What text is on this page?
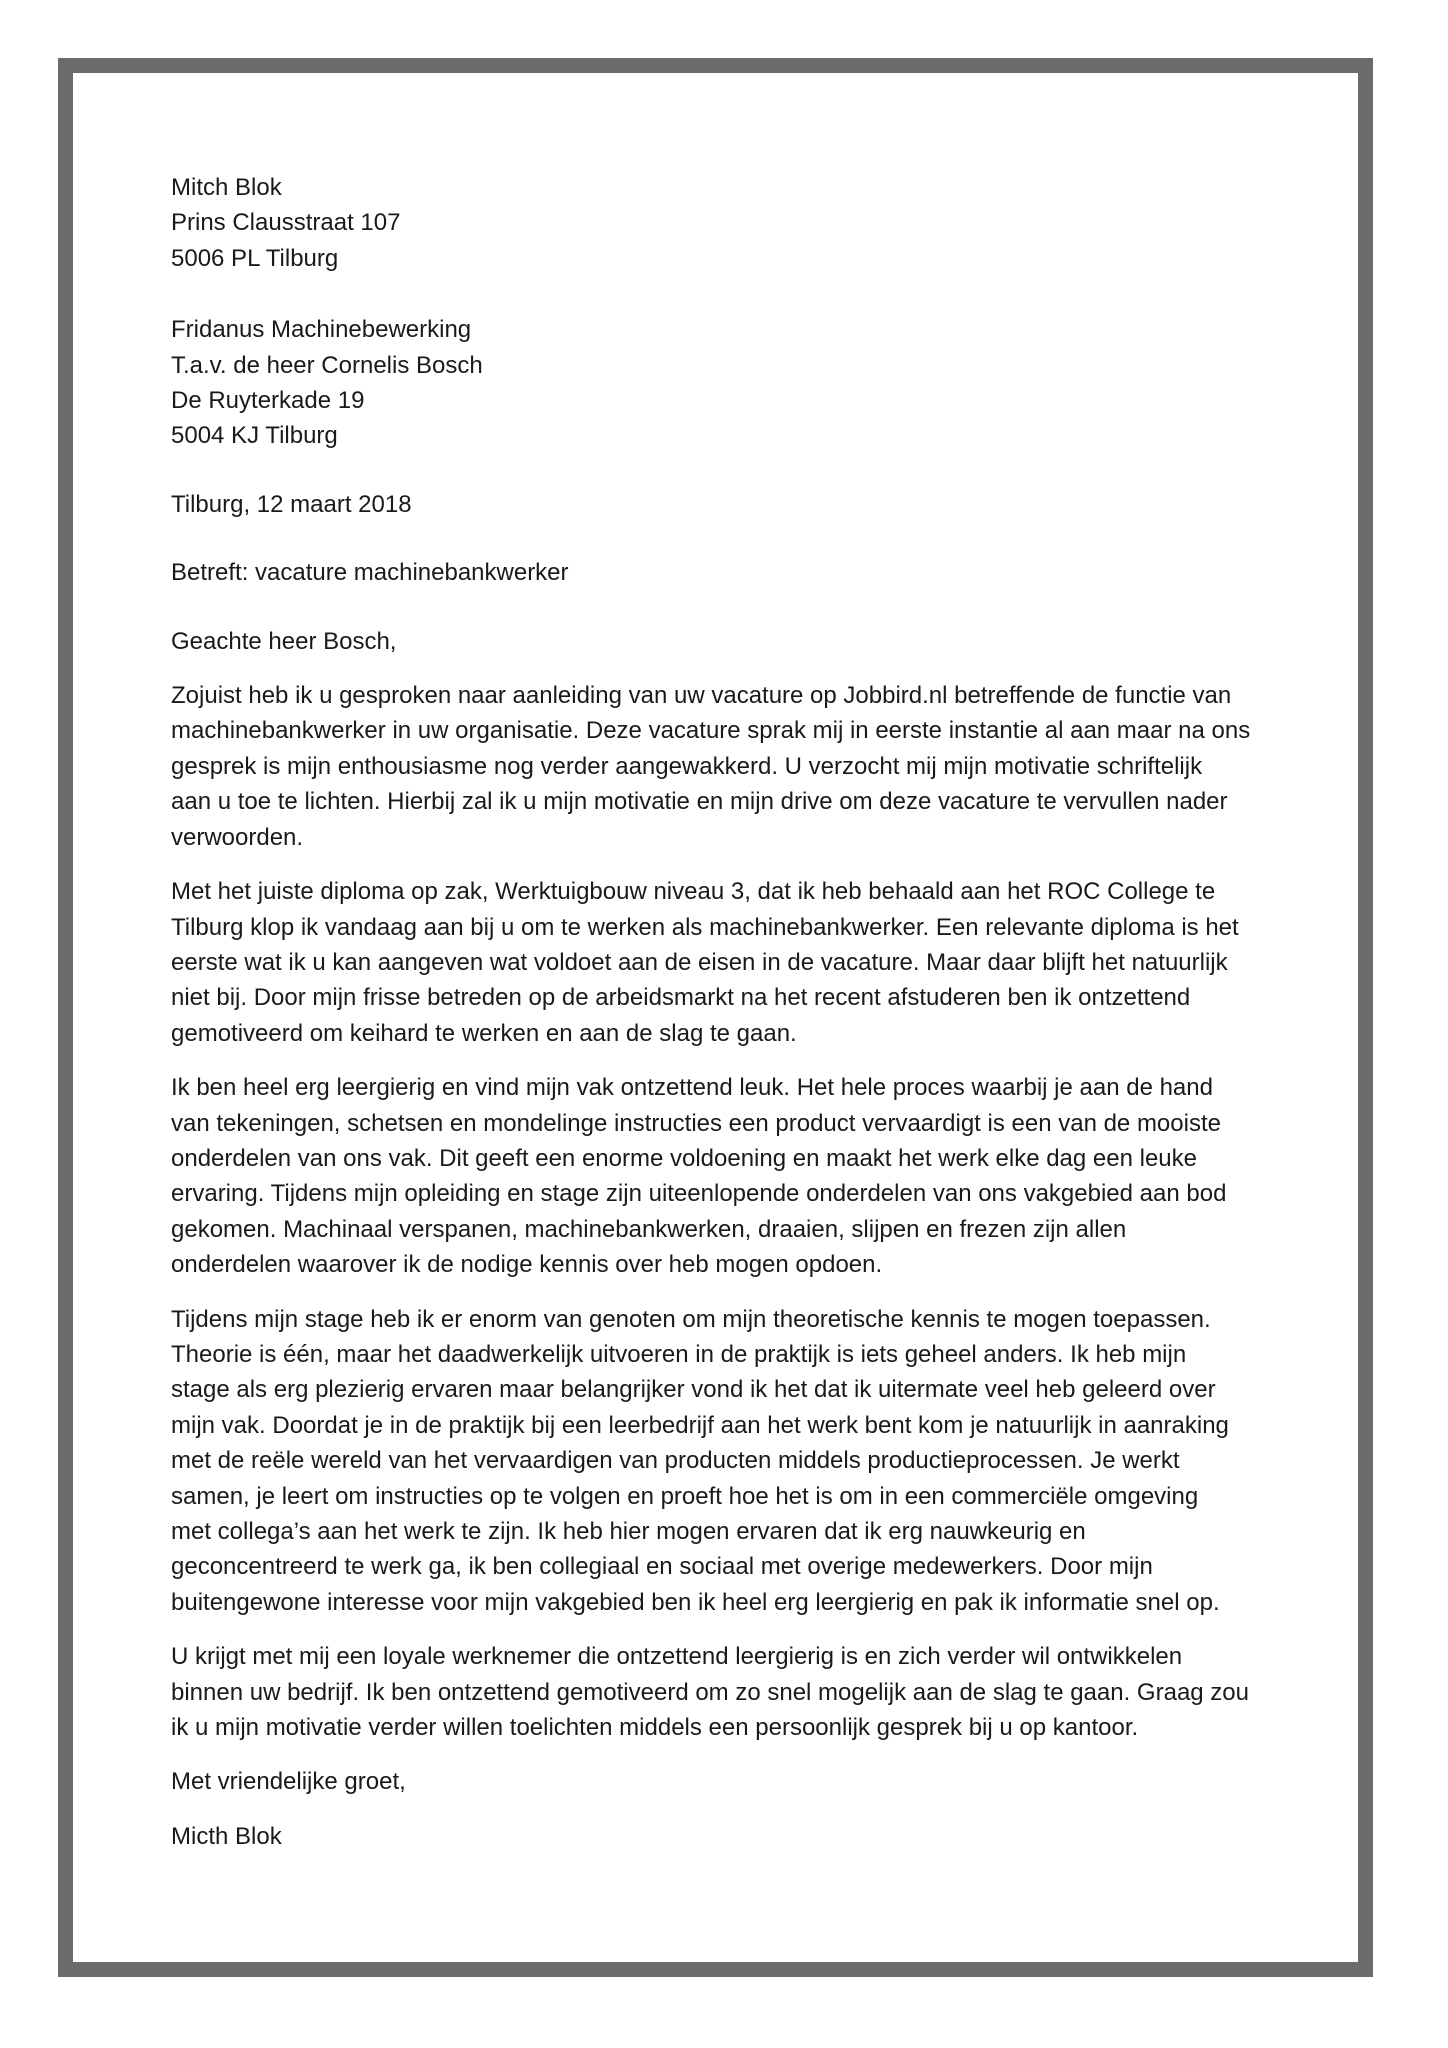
Mitch Blok
Prins Clausstraat 107
5006 PL Tilburg
Fridanus Machinebewerking
T.a.v. de heer Cornelis Bosch
De Ruyterkade 19
5004 KJ Tilburg
Tilburg, 12 maart 2018
Betreft: vacature machinebankwerker
Geachte heer Bosch,
Zojuist heb ik u gesproken naar aanleiding van uw vacature op Jobbird.nl betreffende de functie van
machinebankwerker in uw organisatie. Deze vacature sprak mij in eerste instantie al aan maar na ons
gesprek is mijn enthousiasme nog verder aangewakkerd. U verzocht mij mijn motivatie schriftelijk
aan u toe te lichten. Hierbij zal ik u mijn motivatie en mijn drive om deze vacature te vervullen nader
verwoorden.
Met het juiste diploma op zak, Werktuigbouw niveau 3, dat ik heb behaald aan het ROC College te
Tilburg klop ik vandaag aan bij u om te werken als machinebankwerker. Een relevante diploma is het
eerste wat ik u kan aangeven wat voldoet aan de eisen in de vacature. Maar daar blijft het natuurlijk
niet bij. Door mijn frisse betreden op de arbeidsmarkt na het recent afstuderen ben ik ontzettend
gemotiveerd om keihard te werken en aan de slag te gaan.
Ik ben heel erg leergierig en vind mijn vak ontzettend leuk. Het hele proces waarbij je aan de hand
van tekeningen, schetsen en mondelinge instructies een product vervaardigt is een van de mooiste
onderdelen van ons vak. Dit geeft een enorme voldoening en maakt het werk elke dag een leuke
ervaring. Tijdens mijn opleiding en stage zijn uiteenlopende onderdelen van ons vakgebied aan bod
gekomen. Machinaal verspanen, machinebankwerken, draaien, slijpen en frezen zijn allen
onderdelen waarover ik de nodige kennis over heb mogen opdoen.
Tijdens mijn stage heb ik er enorm van genoten om mijn theoretische kennis te mogen toepassen.
Theorie is één, maar het daadwerkelijk uitvoeren in de praktijk is iets geheel anders. Ik heb mijn
stage als erg plezierig ervaren maar belangrijker vond ik het dat ik uitermate veel heb geleerd over
mijn vak. Doordat je in de praktijk bij een leerbedrijf aan het werk bent kom je natuurlijk in aanraking
met de reële wereld van het vervaardigen van producten middels productieprocessen. Je werkt
samen, je leert om instructies op te volgen en proeft hoe het is om in een commerciële omgeving
met collega’s aan het werk te zijn. Ik heb hier mogen ervaren dat ik erg nauwkeurig en
geconcentreerd te werk ga, ik ben collegiaal en sociaal met overige medewerkers. Door mijn
buitengewone interesse voor mijn vakgebied ben ik heel erg leergierig en pak ik informatie snel op.
U krijgt met mij een loyale werknemer die ontzettend leergierig is en zich verder wil ontwikkelen
binnen uw bedrijf. Ik ben ontzettend gemotiveerd om zo snel mogelijk aan de slag te gaan. Graag zou
ik u mijn motivatie verder willen toelichten middels een persoonlijk gesprek bij u op kantoor.
Met vriendelijke groet,
Micth Blok
